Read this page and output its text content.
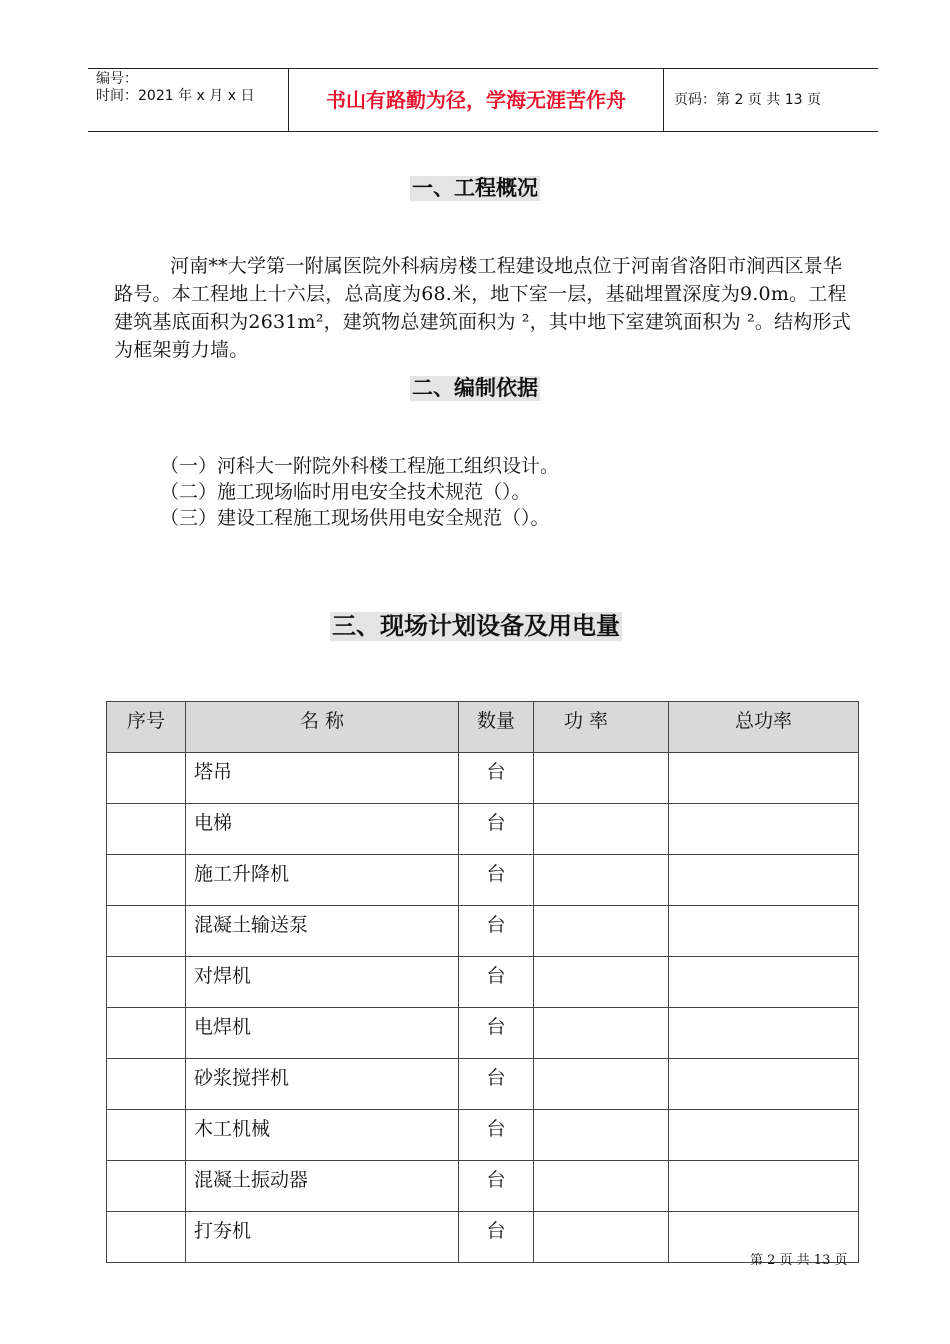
编号：
时间：2021 年 x 月 x 日	书山有路勤为径，学海无涯苦作舟	页码：第 2 页 共 13 页
一、工程概况
河南**大学第一附属医院外科病房楼工程建设地点位于河南省洛阳市涧西区景华路号。本工程地上十六层，总高度为68.米，地下室一层，基础埋置深度为9.0m。工程建筑基底面积为2631m²，建筑物总建筑面积为 ²，其中地下室建筑面积为 ²。结构形式为框架剪力墙。
二、编制依据
（一）河科大一附院外科楼工程施工组织设计。
（二）施工现场临时用电安全技术规范（）。
（三）建设工程施工现场供用电安全规范（）。
三、现场计划设备及用电量
序号	名 称	数量	功 率	总功率
	塔吊	台		
	电梯	台		
	施工升降机	台		
	混凝土输送泵	台		
	对焊机	台		
	电焊机	台		
	砂浆搅拌机	台		
	木工机械	台		
	混凝土振动器	台		
	打夯机	台		
第 2 页 共 13 页
